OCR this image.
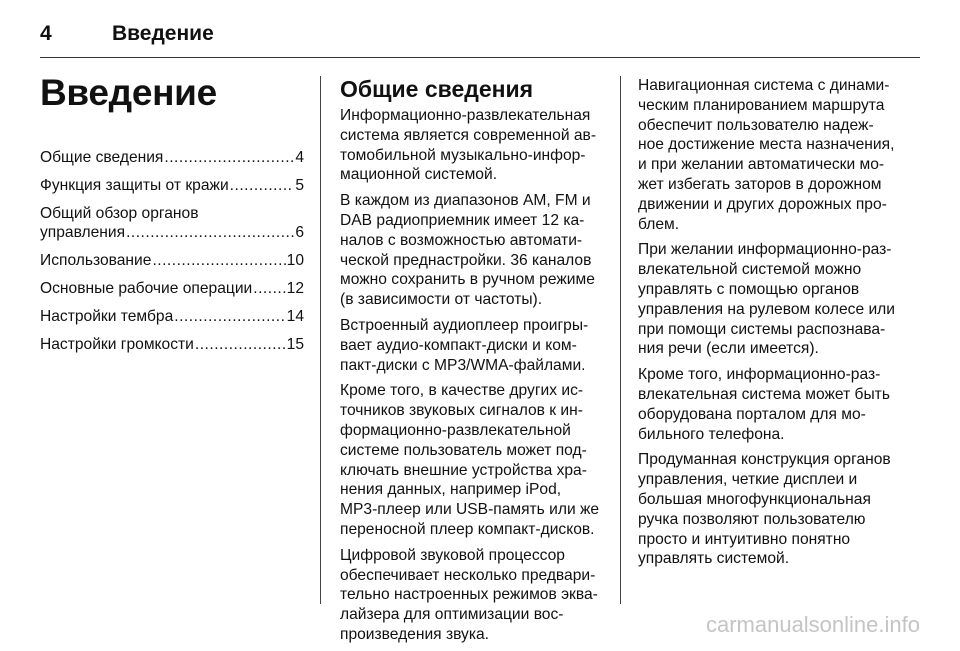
4	Введение
Введение
Общие сведения .....	4
Функция защиты от кражи .....	5
Общий обзор органов
управления .....	6
Использование .....	10
Основные рабочие операции ..... 12
Настройки тембра .....	14
Настройки громкости .....	15
Общие сведения
Информационно-развлекательная
система является современной ав-
томобильной музыкально-инфор-
мационной системой.
В каждом из диапазонов AM, FM и
DAB радиоприемник имеет 12 ка-
налов с возможностью автомати-
ческой преднастройки. 36 каналов
можно сохранить в ручном режиме
(в зависимости от частоты).
Встроенный аудиоплеер проигры-
вает аудио-компакт-диски и ком-
пакт-диски с MP3/WMA-файлами.
Кроме того, в качестве других ис-
точников звуковых сигналов к ин-
формационно-развлекательной
системе пользователь может под-
ключать внешние устройства хра-
нения данных, например iPod,
MP3-плеер или USB-память или же
переносной плеер компакт-дисков.
Цифровой звуковой процессор
обеспечивает несколько предвари-
тельно настроенных режимов эква-
лайзера для оптимизации вос-
произведения звука.
Навигационная система с динами-
ческим планированием маршрута
обеспечит пользователю надеж-
ное достижение места назначения,
и при желании автоматически мо-
жет избегать заторов в дорожном
движении и других дорожных про-
блем.
При желании информационно-раз-
влекательной системой можно
управлять с помощью органов
управления на рулевом колесе или
при помощи системы распознава-
ния речи (если имеется).
Кроме того, информационно-раз-
влекательная система может быть
оборудована порталом для мо-
бильного телефона.
Продуманная конструкция органов
управления, четкие дисплеи и
большая многофункциональная
ручка позволяют пользователю
просто и интуитивно понятно
управлять системой.
carmanualsonline.info
